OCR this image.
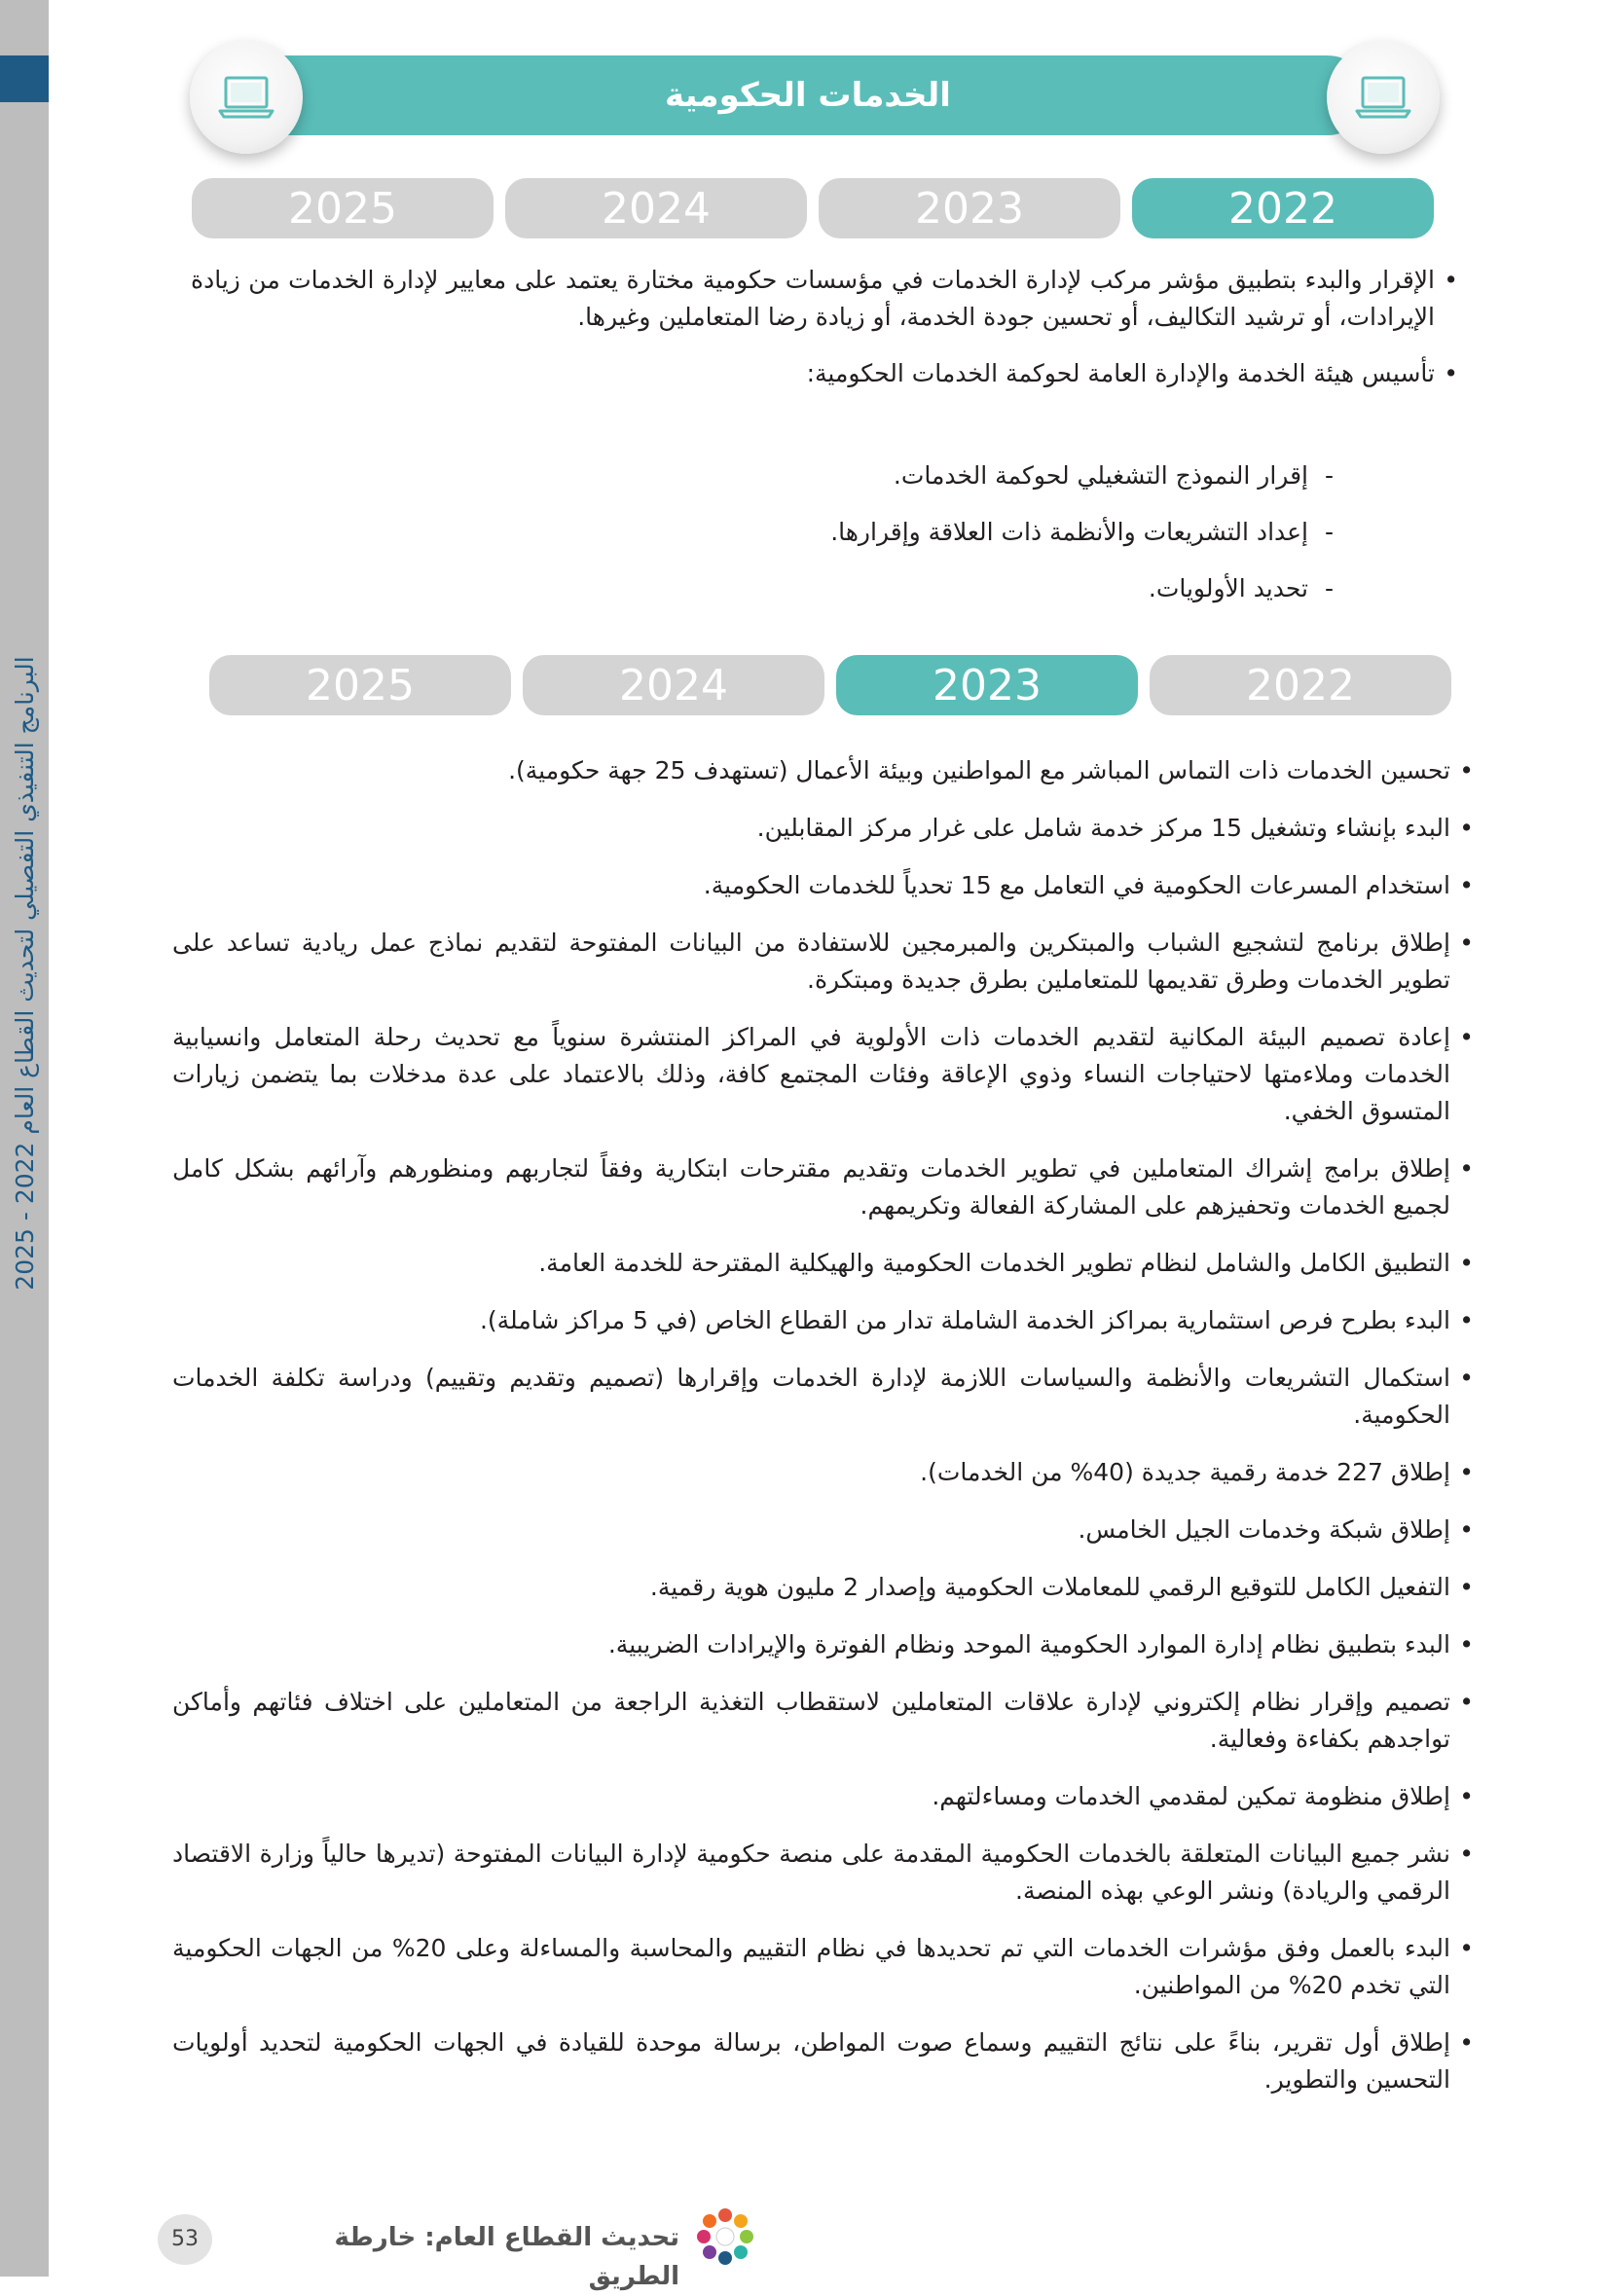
البرنامج التنفيذي التفصيلي لتحديث القطاع العام 2022 - 2025
الخدمات الحكومية
2022
2023
2024
2025
•
الإقرار والبدء بتطبيق مؤشر مركب لإدارة الخدمات في مؤسسات حكومية مختارة يعتمد على معايير لإدارة الخدمات من زيادة الإيرادات، أو ترشيد التكاليف، أو تحسين جودة الخدمة، أو زيادة رضا المتعاملين وغيرها.
•
تأسيس هيئة الخدمة والإدارة العامة لحوكمة الخدمات الحكومية:
-
إقرار النموذج التشغيلي لحوكمة الخدمات.
-
إعداد التشريعات والأنظمة ذات العلاقة وإقرارها.
-
تحديد الأولويات.
2022
2023
2024
2025
•
تحسين الخدمات ذات التماس المباشر مع المواطنين وبيئة الأعمال (تستهدف 25 جهة حكومية).
•
البدء بإنشاء وتشغيل 15 مركز خدمة شامل على غرار مركز المقابلين.
•
استخدام المسرعات الحكومية في التعامل مع 15 تحدياً للخدمات الحكومية.
•
إطلاق برنامج لتشجيع الشباب والمبتكرين والمبرمجين للاستفادة من البيانات المفتوحة لتقديم نماذج عمل ريادية تساعد على تطوير الخدمات وطرق تقديمها للمتعاملين بطرق جديدة ومبتكرة.
•
إعادة تصميم البيئة المكانية لتقديم الخدمات ذات الأولوية في المراكز المنتشرة سنوياً مع تحديث رحلة المتعامل وانسيابية الخدمات وملاءمتها لاحتياجات النساء وذوي الإعاقة وفئات المجتمع كافة، وذلك بالاعتماد على عدة مدخلات بما يتضمن زيارات المتسوق الخفي.
•
إطلاق برامج إشراك المتعاملين في تطوير الخدمات وتقديم مقترحات ابتكارية وفقاً لتجاربهم ومنظورهم وآرائهم بشكل كامل لجميع الخدمات وتحفيزهم على المشاركة الفعالة وتكريمهم.
•
التطبيق الكامل والشامل لنظام تطوير الخدمات الحكومية والهيكلية المقترحة للخدمة العامة.
•
البدء بطرح فرص استثمارية بمراكز الخدمة الشاملة تدار من القطاع الخاص (في 5 مراكز شاملة).
•
استكمال التشريعات والأنظمة والسياسات اللازمة لإدارة الخدمات وإقرارها (تصميم وتقديم وتقييم) ودراسة تكلفة الخدمات الحكومية.
•
إطلاق 227 خدمة رقمية جديدة (40% من الخدمات).
•
إطلاق شبكة وخدمات الجيل الخامس.
•
التفعيل الكامل للتوقيع الرقمي للمعاملات الحكومية وإصدار 2 مليون هوية رقمية.
•
البدء بتطبيق نظام إدارة الموارد الحكومية الموحد ونظام الفوترة والإيرادات الضريبية.
•
تصميم وإقرار نظام إلكتروني لإدارة علاقات المتعاملين لاستقطاب التغذية الراجعة من المتعاملين على اختلاف فئاتهم وأماكن تواجدهم بكفاءة وفعالية.
•
إطلاق منظومة تمكين لمقدمي الخدمات ومساءلتهم.
•
نشر جميع البيانات المتعلقة بالخدمات الحكومية المقدمة على منصة حكومية لإدارة البيانات المفتوحة (تديرها حالياً وزارة الاقتصاد الرقمي والريادة) ونشر الوعي بهذه المنصة.
•
البدء بالعمل وفق مؤشرات الخدمات التي تم تحديدها في نظام التقييم والمحاسبة والمساءلة وعلى 20% من الجهات الحكومية التي تخدم 20% من المواطنين.
•
إطلاق أول تقرير، بناءً على نتائج التقييم وسماع صوت المواطن، برسالة موحدة للقيادة في الجهات الحكومية لتحديد أولويات التحسين والتطوير.
تحديث القطاع العام: خارطة الطريق
53
